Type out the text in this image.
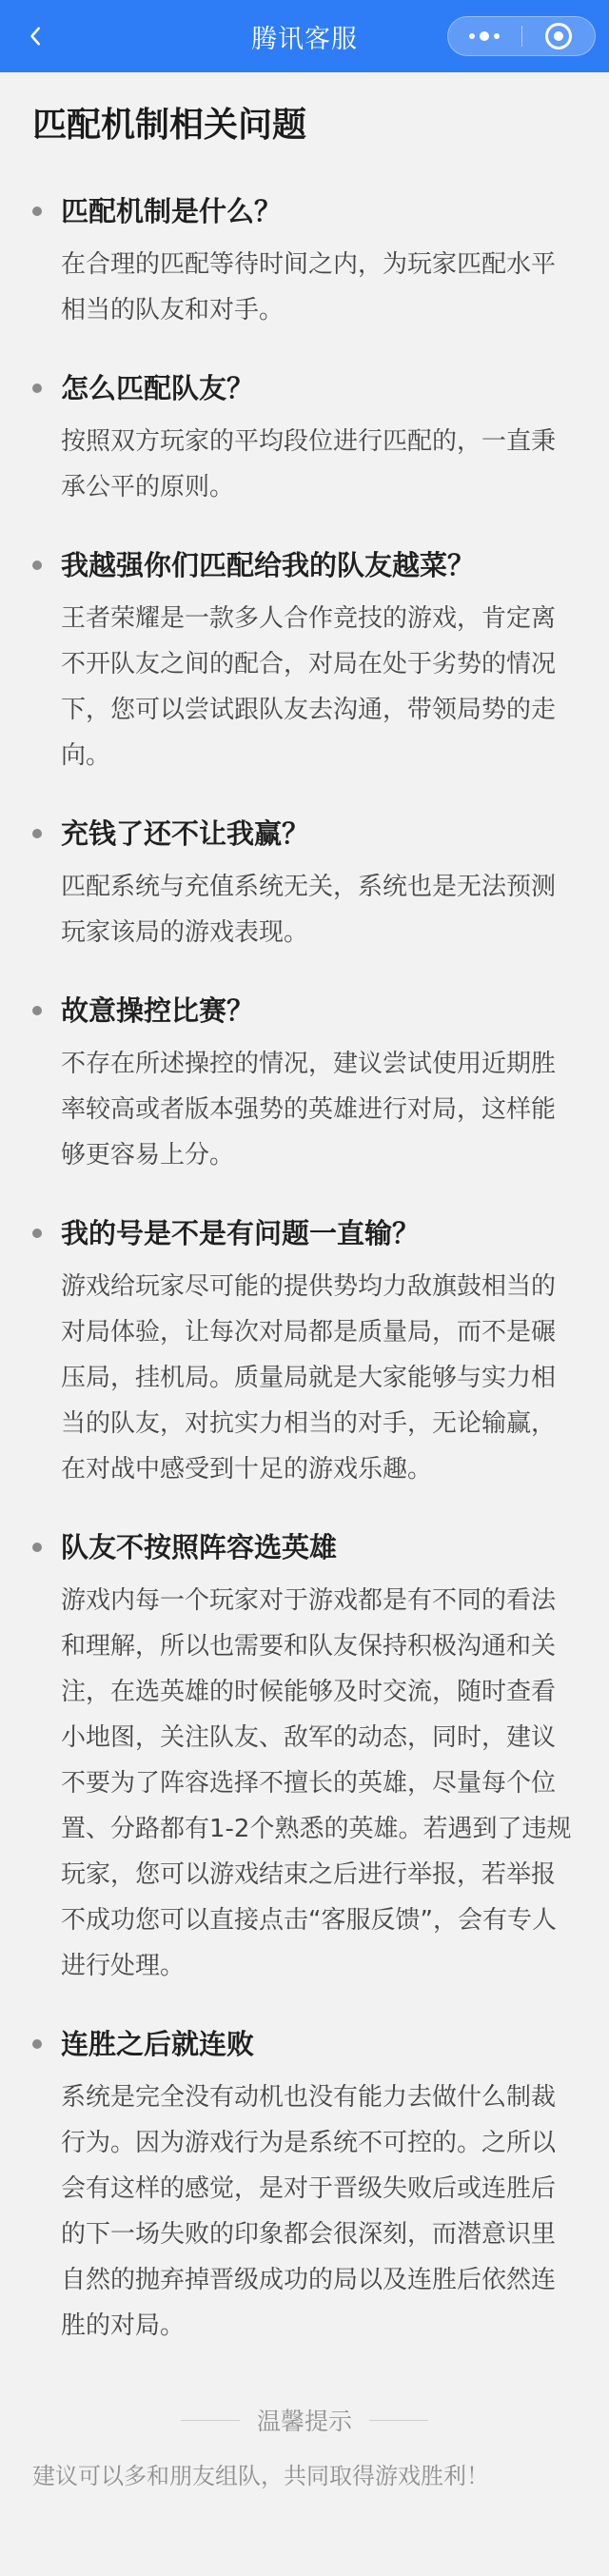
腾讯客服
匹配机制相关问题
匹配机制是什么？
在合理的匹配等待时间之内，为玩家匹配水平相当的队友和对手。
怎么匹配队友？
按照双方玩家的平均段位进行匹配的，一直秉承公平的原则。
我越强你们匹配给我的队友越菜？
王者荣耀是一款多人合作竞技的游戏，肯定离不开队友之间的配合，对局在处于劣势的情况下，您可以尝试跟队友去沟通，带领局势的走向。
充钱了还不让我赢？
匹配系统与充值系统无关，系统也是无法预测玩家该局的游戏表现。
故意操控比赛？
不存在所述操控的情况，建议尝试使用近期胜率较高或者版本强势的英雄进行对局，这样能够更容易上分。
我的号是不是有问题一直输？
游戏给玩家尽可能的提供势均力敌旗鼓相当的对局体验，让每次对局都是质量局，而不是碾压局，挂机局。质量局就是大家能够与实力相当的队友，对抗实力相当的对手，无论输赢，在对战中感受到十足的游戏乐趣。
队友不按照阵容选英雄
游戏内每一个玩家对于游戏都是有不同的看法和理解，所以也需要和队友保持积极沟通和关注，在选英雄的时候能够及时交流，随时查看小地图，关注队友、敌军的动态，同时，建议不要为了阵容选择不擅长的英雄，尽量每个位置、分路都有1-2个熟悉的英雄。若遇到了违规玩家，您可以游戏结束之后进行举报，若举报不成功您可以直接点击“客服反馈”，会有专人进行处理。
连胜之后就连败
系统是完全没有动机也没有能力去做什么制裁行为。因为游戏行为是系统不可控的。之所以会有这样的感觉，是对于晋级失败后或连胜后的下一场失败的印象都会很深刻，而潜意识里自然的抛弃掉晋级成功的局以及连胜后依然连胜的对局。
温馨提示
建议可以多和朋友组队，共同取得游戏胜利！
